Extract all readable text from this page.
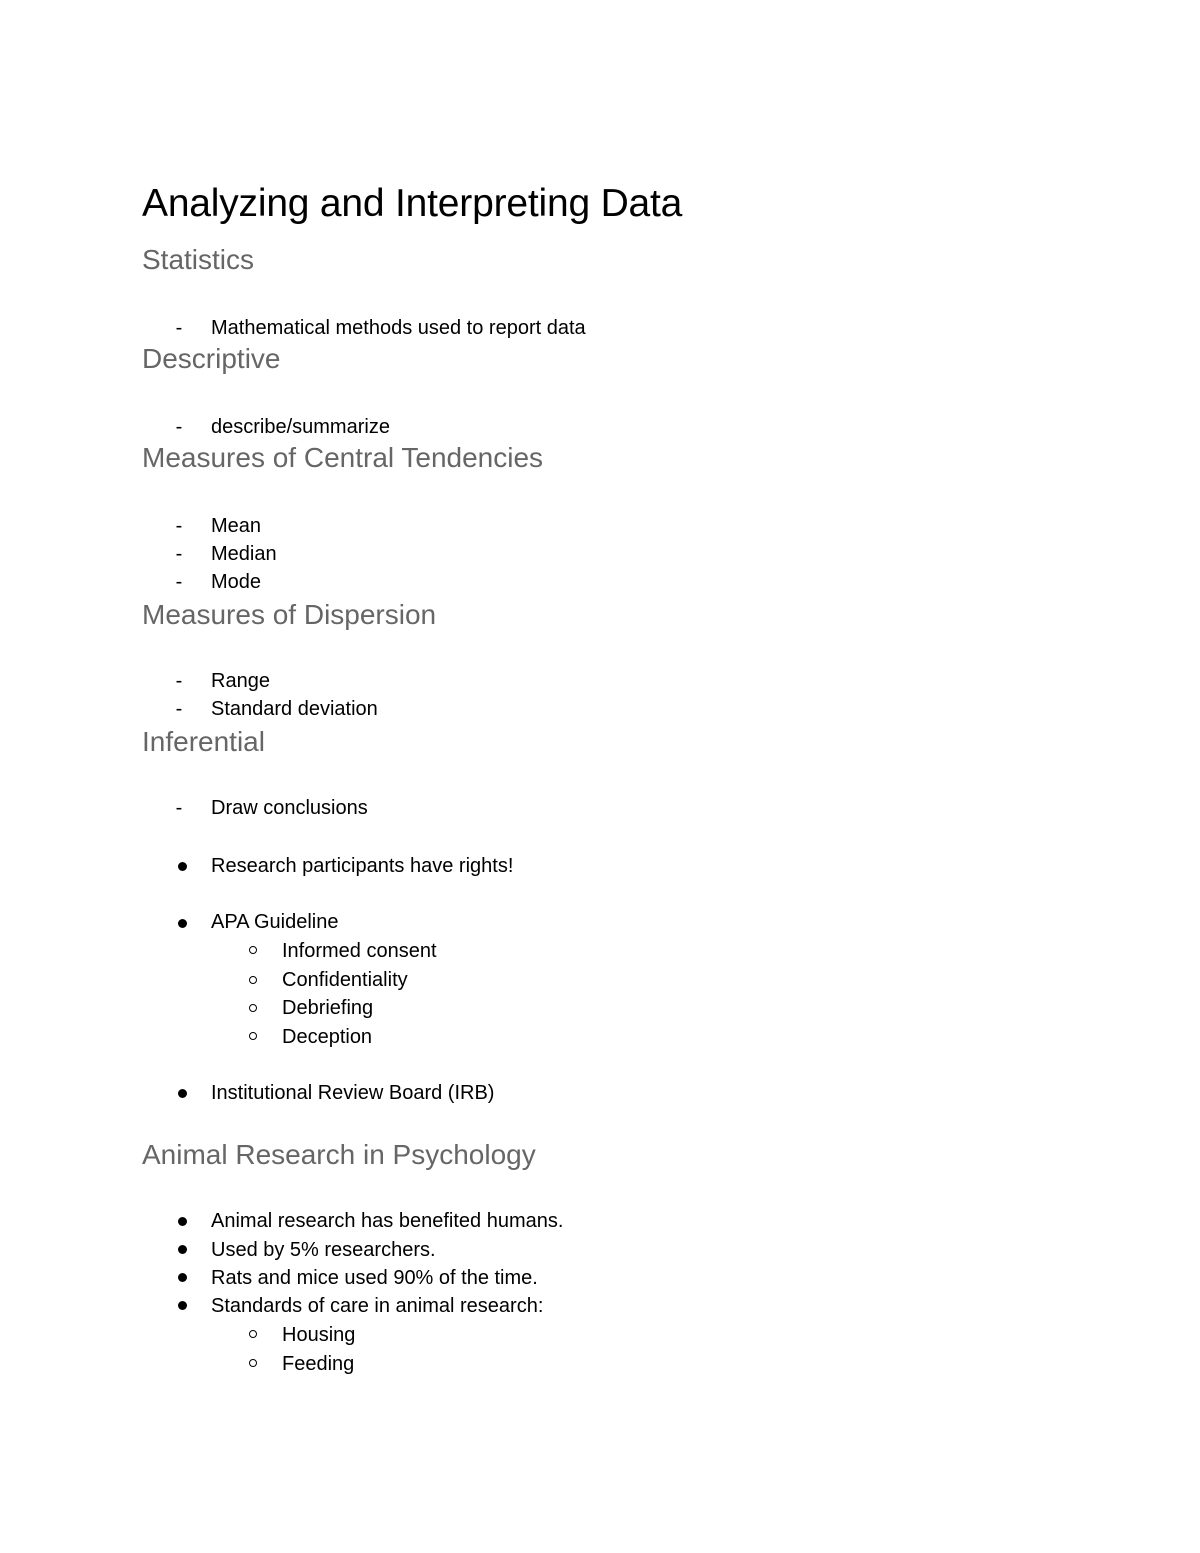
Analyzing and Interpreting Data
Statistics
-	Mathematical methods used to report data
Descriptive
-	describe/summarize
Measures of Central Tendencies
-	Mean
-	Median
-	Mode
Measures of Dispersion
-	Range
-	Standard deviation
Inferential
-	Draw conclusions
Research participants have rights!
APA Guideline
Informed consent
Confidentiality
Debriefing
Deception
Institutional Review Board (IRB)
Animal Research in Psychology
Animal research has benefited humans.
Used by 5% researchers.
Rats and mice used 90% of the time.
Standards of care in animal research:
Housing
Feeding
